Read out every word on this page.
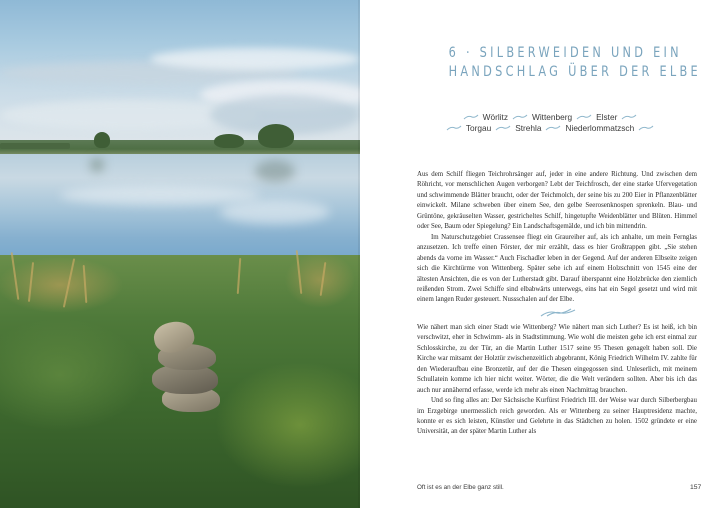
6 · SILBERWEIDEN UND EIN
HANDSCHLAG ÜBER DER ELBE
Wörlitz	Wittenberg	Elster
Torgau	Strehla	Niederlommatzsch

Aus dem Schilf fliegen Teichrohrsänger auf, jeder in eine andere Richtung. Und zwischen dem Röhricht, vor menschlichen Augen verborgen? Lebt der Teichfrosch, der eine starke Ufervegetation und schwimmende Blätter braucht, oder der Teichmolch, der seine bis zu 200 Eier in Pflanzenblätter einwickelt. Milane schweben über einem See, den gelbe Seerosenknospen sprenkeln. Blau- und Grüntöne, gekräuselten Wasser, gestricheltes Schilf, hingetupfte Weidenblätter und Blüten. Himmel oder See, Baum oder Spiegelung? Ein Landschaftsgemälde, und ich bin mittendrin.

Im Naturschutzgebiet Crassensee fliegt ein Graureiher auf, als ich anhalte, um mein Fernglas anzusetzen. Ich treffe einen Förster, der mir erzählt, dass es hier Großtrappen gibt. „Sie stehen abends da vorne im Wasser.“ Auch Fischadler leben in der Gegend. Auf der anderen Elbseite zeigen sich die Kirchtürme von Wittenberg. Später sehe ich auf einem Holzschnitt von 1545 eine der ältesten Ansichten, die es von der Lutherstadt gibt. Darauf überspannt eine Holzbrücke den ziemlich reißenden Strom. Zwei Schiffe sind elbabwärts unterwegs, eins hat ein Segel gesetzt und wird mit einem langen Ruder gesteuert. Nussschalen auf der Elbe.

Wie nähert man sich einer Stadt wie Wittenberg? Wie nähert man sich Luther? Es ist heiß, ich bin verschwitzt, eher in Schwimm- als in Stadtstimmung. Wie wohl die meisten gehe ich erst einmal zur Schlosskirche, zu der Tür, an die Martin Luther 1517 seine 95 Thesen genagelt haben soll. Die Kirche war mitsamt der Holztür zwischenzeitlich abgebrannt, König Friedrich Wilhelm IV. zahlte für den Wiederaufbau eine Bronzetür, auf der die Thesen eingegossen sind. Unleserlich, mit meinem Schullatein komme ich hier nicht weiter. Wörter, die die Welt verändern sollten. Aber bis ich das auch nur annähernd erfasse, werde ich mehr als einen Nachmittag brauchen.

Und so fing alles an: Der Sächsische Kurfürst Friedrich III. der Weise war durch Silberbergbau im Erzgebirge unermesslich reich geworden. Als er Wittenberg zu seiner Hauptresidenz machte, konnte er es sich leisten, Künstler und Gelehrte in das Städtchen zu holen. 1502 gründete er eine Universität, an der später Martin Luther als

Oft ist es an der Elbe ganz still.	157
